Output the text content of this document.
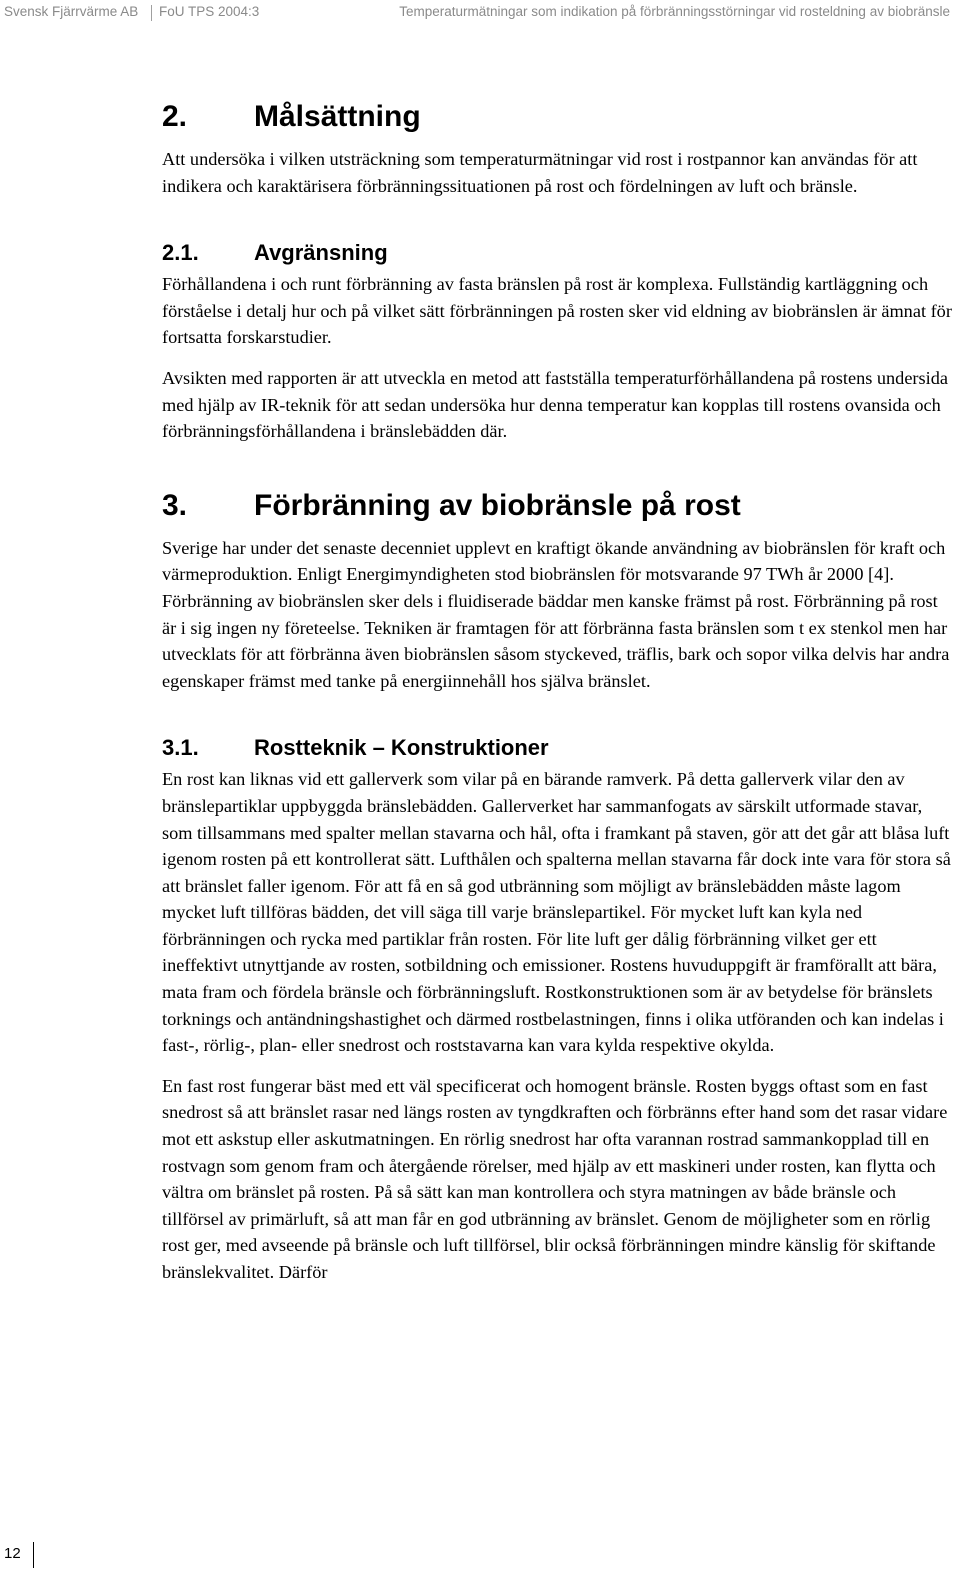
Svensk Fjärrvärme AB FoU TPS 2004:3	Temperaturmätningar som indikation på förbränningsstörningar vid rosteldning av biobränsle
2.	Målsättning

Att undersöka i vilken utsträckning som temperaturmätningar vid rost i rostpannor kan användas för att indikera och karaktärisera förbränningssituationen på rost och fördelningen av luft och bränsle.

2.1.	Avgränsning

Förhållandena i och runt förbränning av fasta bränslen på rost är komplexa. Fullständig kartläggning och förståelse i detalj hur och på vilket sätt förbränningen på rosten sker vid eldning av biobränslen är ämnat för fortsatta forskarstudier.

Avsikten med rapporten är att utveckla en metod att fastställa temperaturförhållandena på rostens undersida med hjälp av IR-teknik för att sedan undersöka hur denna temperatur kan kopplas till rostens ovansida och förbränningsförhållandena i bränslebädden där.

3.	Förbränning av biobränsle på rost

Sverige har under det senaste decenniet upplevt en kraftigt ökande användning av biobränslen för kraft och värmeproduktion. Enligt Energimyndigheten stod biobränslen för motsvarande 97 TWh år 2000 [4]. Förbränning av biobränslen sker dels i fluidiserade bäddar men kanske främst på rost. Förbränning på rost är i sig ingen ny företeelse. Tekniken är framtagen för att förbränna fasta bränslen som t ex stenkol men har utvecklats för att förbränna även biobränslen såsom styckeved, träflis, bark och sopor vilka delvis har andra egenskaper främst med tanke på energiinnehåll hos själva bränslet.

3.1.	Rostteknik – Konstruktioner

En rost kan liknas vid ett gallerverk som vilar på en bärande ramverk. På detta gallerverk vilar den av bränslepartiklar uppbyggda bränslebädden. Gallerverket har sammanfogats av särskilt utformade stavar, som tillsammans med spalter mellan stavarna och hål, ofta i framkant på staven, gör att det går att blåsa luft igenom rosten på ett kontrollerat sätt. Lufthålen och spalterna mellan stavarna får dock inte vara för stora så att bränslet faller igenom. För att få en så god utbränning som möjligt av bränslebädden måste lagom mycket luft tillföras bädden, det vill säga till varje bränslepartikel. För mycket luft kan kyla ned förbränningen och rycka med partiklar från rosten. För lite luft ger dålig förbränning vilket ger ett ineffektivt utnyttjande av rosten, sotbildning och emissioner. Rostens huvuduppgift är framförallt att bära, mata fram och fördela bränsle och förbränningsluft. Rostkonstruktionen som är av betydelse för bränslets torknings och antändningshastighet och därmed rostbelastningen, finns i olika utföranden och kan indelas i fast-, rörlig-, plan- eller snedrost och roststavarna kan vara kylda respektive okylda.

En fast rost fungerar bäst med ett väl specificerat och homogent bränsle. Rosten byggs oftast som en fast snedrost så att bränslet rasar ned längs rosten av tyngdkraften och förbränns efter hand som det rasar vidare mot ett askstup eller askutmatningen. En rörlig snedrost har ofta varannan rostrad sammankopplad till en rostvagn som genom fram och återgående rörelser, med hjälp av ett maskineri under rosten, kan flytta och vältra om bränslet på rosten. På så sätt kan man kontrollera och styra matningen av både bränsle och tillförsel av primärluft, så att man får en god utbränning av bränslet. Genom de möjligheter som en rörlig rost ger, med avseende på bränsle och luft tillförsel, blir också förbränningen mindre känslig för skiftande bränslekvalitet. Därför

12
